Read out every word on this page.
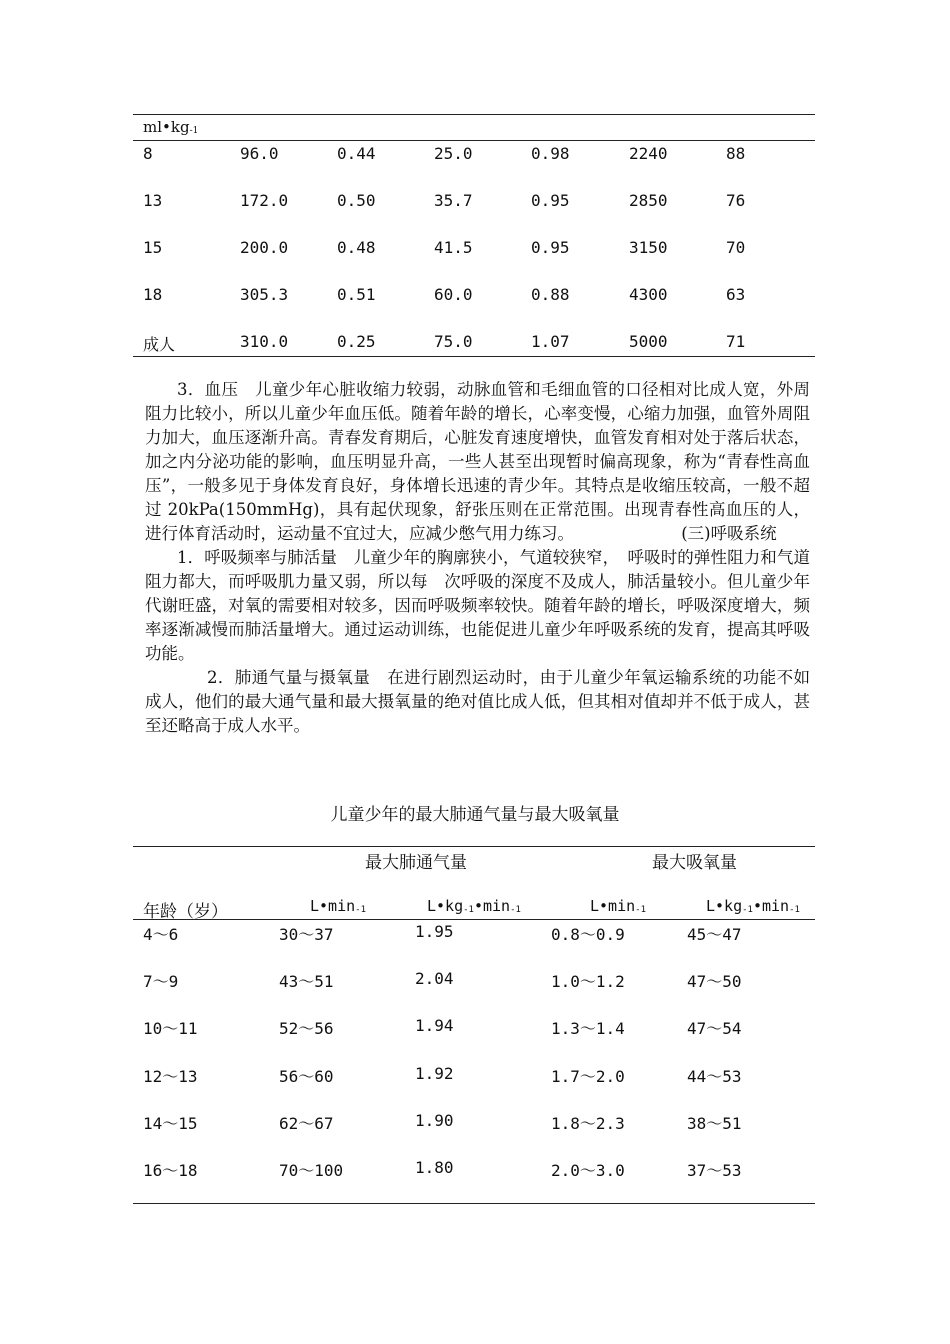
$ml•kg_{-1}$
8	96.0	0.44	25.0	0.98	2240	88
13	172.0	0.50	35.7	0.95	2850	76
15	200.0	0.48	41.5	0.95	3150	70
18	305.3	0.51	60.0	0.88	4300	63
成人	310.0	0.25	75.0	1.07	5000	71

3．血压　儿童少年心脏收缩力较弱，动脉血管和毛细血管的口径相对比成人宽，外周阻力比较小，所以儿童少年血压低。随着年龄的增长，心率变慢，心缩力加强，血管外周阻力加大，血压逐渐升高。青春发育期后，心脏发育速度增快，血管发育相对处于落后状态，加之内分泌功能的影响，血压明显升高，一些人甚至出现暂时偏高现象，称为“青春性高血压”，一般多见于身体发育良好，身体增长迅速的青少年。其特点是收缩压较高，一般不超过 20kPa(150mmHg)，具有起伏现象，舒张压则在正常范围。出现青春性高血压的人，进行体育活动时，运动量不宜过大，应减少憋气用力练习。　　　　　　　	(三)呼吸系统

1．呼吸频率与肺活量　儿童少年的胸廓狭小，气道较狭窄，　呼吸时的弹性阻力和气道阻力都大，而呼吸肌力量又弱，所以每　次呼吸的深度不及成人，肺活量较小。但儿童少年代谢旺盛，对氧的需要相对较多，因而呼吸频率较快。随着年龄的增长，呼吸深度增大，频率逐渐减慢而肺活量增大。通过运动训练，也能促进儿童少年呼吸系统的发育，提高其呼吸功能。

2．肺通气量与摄氧量　在进行剧烈运动时，由于儿童少年氧运输系统的功能不如成人，他们的最大通气量和最大摄氧量的绝对值比成人低，但其相对值却并不低于成人，甚至还略高于成人水平。

儿童少年的最大肺通气量与最大吸氧量
最大肺通气量	最大吸氧量
年龄（岁）	L•min-1	L•kg-1•min-1	L•min-1	L•kg-1•min-1
4～6	30～37	1.95	0.8～0.9	45～47
7～9	43～51	2.04	1.0～1.2	47～50
10～11	52～56	1.94	1.3～1.4	47～54
12～13	56～60	1.92	1.7～2.0	44～53
14～15	62～67	1.90	1.8～2.3	38～51
16～18	70～100	1.80	2.0～3.0	37～53
